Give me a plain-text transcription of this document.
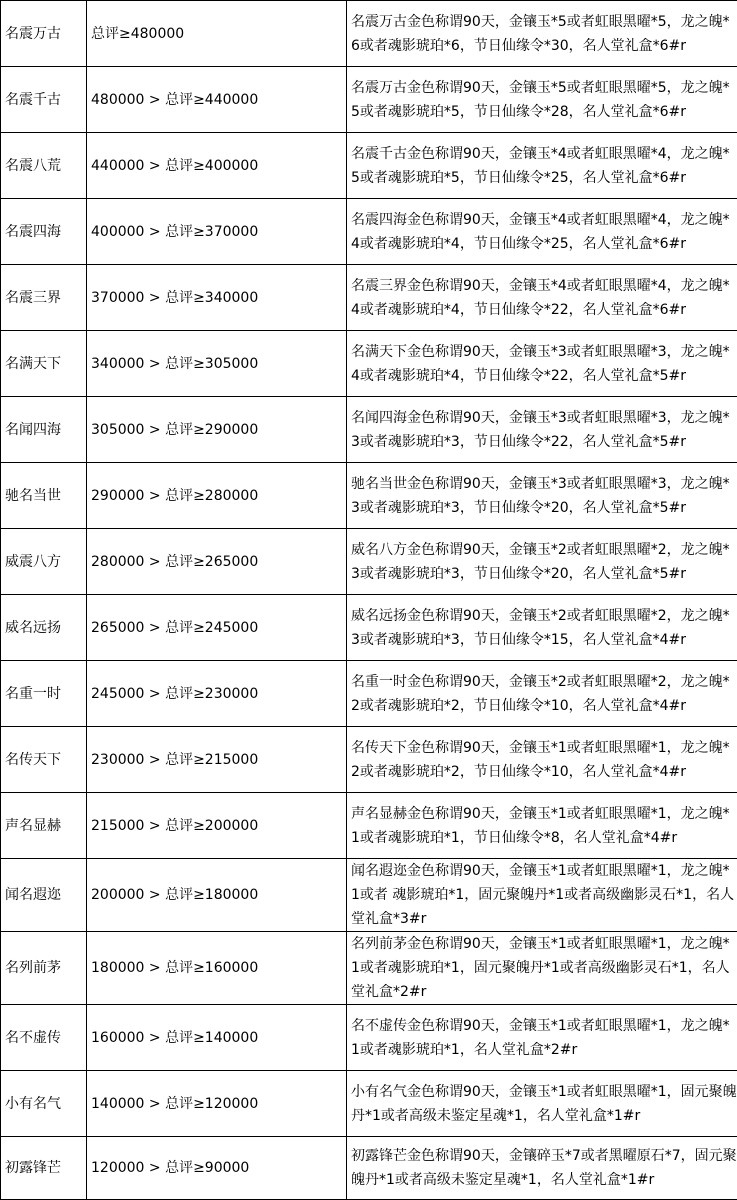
名震万古	总评≥480000	名震万古金色称谓90天，金镶玉*5或者虹眼黑曜*5，龙之魄*6或者魂影琥珀*6，节日仙缘令*30，名人堂礼盒*6#r
名震千古	480000 > 总评≥440000	名震万古金色称谓90天，金镶玉*5或者虹眼黑曜*5，龙之魄*5或者魂影琥珀*5，节日仙缘令*28，名人堂礼盒*6#r
名震八荒	440000 > 总评≥400000	名震千古金色称谓90天，金镶玉*4或者虹眼黑曜*4，龙之魄*5或者魂影琥珀*5，节日仙缘令*25，名人堂礼盒*6#r
名震四海	400000 > 总评≥370000	名震四海金色称谓90天，金镶玉*4或者虹眼黑曜*4，龙之魄*4或者魂影琥珀*4，节日仙缘令*25，名人堂礼盒*6#r
名震三界	370000 > 总评≥340000	名震三界金色称谓90天，金镶玉*4或者虹眼黑曜*4，龙之魄*4或者魂影琥珀*4，节日仙缘令*22，名人堂礼盒*6#r
名满天下	340000 > 总评≥305000	名满天下金色称谓90天，金镶玉*3或者虹眼黑曜*3，龙之魄*4或者魂影琥珀*4，节日仙缘令*22，名人堂礼盒*5#r
名闻四海	305000 > 总评≥290000	名闻四海金色称谓90天，金镶玉*3或者虹眼黑曜*3，龙之魄*3或者魂影琥珀*3，节日仙缘令*22，名人堂礼盒*5#r
驰名当世	290000 > 总评≥280000	驰名当世金色称谓90天，金镶玉*3或者虹眼黑曜*3，龙之魄*3或者魂影琥珀*3，节日仙缘令*20，名人堂礼盒*5#r
威震八方	280000 > 总评≥265000	威名八方金色称谓90天，金镶玉*2或者虹眼黑曜*2，龙之魄*3或者魂影琥珀*3，节日仙缘令*20，名人堂礼盒*5#r
威名远扬	265000 > 总评≥245000	威名远扬金色称谓90天，金镶玉*2或者虹眼黑曜*2，龙之魄*3或者魂影琥珀*3，节日仙缘令*15，名人堂礼盒*4#r
名重一时	245000 > 总评≥230000	名重一时金色称谓90天，金镶玉*2或者虹眼黑曜*2，龙之魄*2或者魂影琥珀*2，节日仙缘令*10，名人堂礼盒*4#r
名传天下	230000 > 总评≥215000	名传天下金色称谓90天，金镶玉*1或者虹眼黑曜*1，龙之魄*2或者魂影琥珀*2，节日仙缘令*10，名人堂礼盒*4#r
声名显赫	215000 > 总评≥200000	声名显赫金色称谓90天，金镶玉*1或者虹眼黑曜*1，龙之魄*1或者魂影琥珀*1，节日仙缘令*8，名人堂礼盒*4#r
闻名遐迩	200000 > 总评≥180000	闻名遐迩金色称谓90天，金镶玉*1或者虹眼黑曜*1，龙之魄*1或者 魂影琥珀*1，固元聚魄丹*1或者高级幽影灵石*1，名人堂礼盒*3#r
名列前茅	180000 > 总评≥160000	名列前茅金色称谓90天，金镶玉*1或者虹眼黑曜*1，龙之魄*1或者魂影琥珀*1，固元聚魄丹*1或者高级幽影灵石*1，名人堂礼盒*2#r
名不虚传	160000 > 总评≥140000	名不虚传金色称谓90天，金镶玉*1或者虹眼黑曜*1，龙之魄*1或者魂影琥珀*1，名人堂礼盒*2#r
小有名气	140000 > 总评≥120000	小有名气金色称谓90天，金镶玉*1或者虹眼黑曜*1，固元聚魄丹*1或者高级未鉴定星魂*1，名人堂礼盒*1#r
初露锋芒	120000 > 总评≥90000	初露锋芒金色称谓90天，金镶碎玉*7或者黑曜原石*7，固元聚魄丹*1或者高级未鉴定星魂*1，名人堂礼盒*1#r
